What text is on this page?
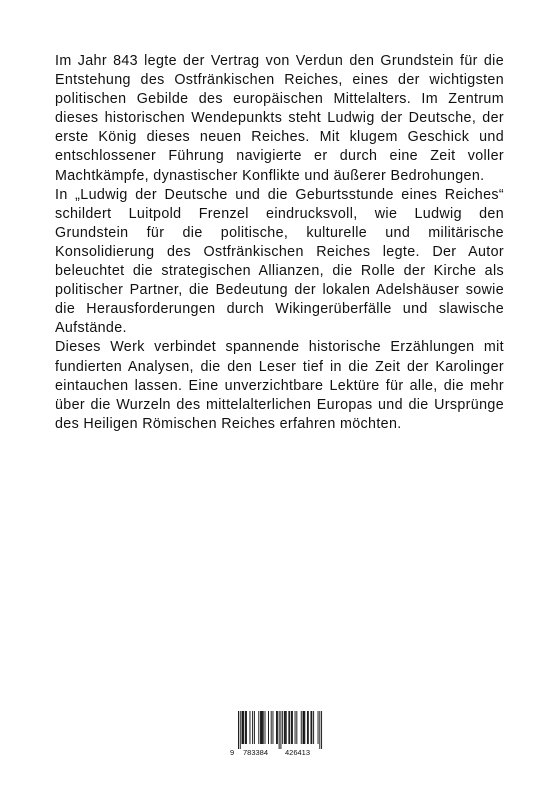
Im Jahr 843 legte der Vertrag von Verdun den Grundstein für die Entstehung des Ostfränkischen Reiches, eines der wichtigsten politischen Gebilde des europäischen Mittelalters. Im Zentrum dieses historischen Wendepunkts steht Ludwig der Deutsche, der erste König dieses neuen Reiches. Mit klugem Geschick und entschlossener Führung navigierte er durch eine Zeit voller Machtkämpfe, dynastischer Konflikte und äußerer Bedrohungen.

In „Ludwig der Deutsche und die Geburtsstunde eines Reiches“ schildert Luitpold Frenzel eindrucksvoll, wie Ludwig den Grundstein für die politische, kulturelle und militärische Konsolidierung des Ostfränkischen Reiches legte. Der Autor beleuchtet die strategischen Allianzen, die Rolle der Kirche als politischer Partner, die Bedeutung der lokalen Adelshäuser sowie die Herausforderungen durch Wikingerüberfälle und slawische Aufstände.

Dieses Werk verbindet spannende historische Erzählungen mit fundierten Analysen, die den Leser tief in die Zeit der Karolinger eintauchen lassen. Eine unverzichtbare Lektüre für alle, die mehr über die Wurzeln des mittelalterlichen Europas und die Ursprünge des Heiligen Römischen Reiches erfahren möchten.

9 783384 426413
